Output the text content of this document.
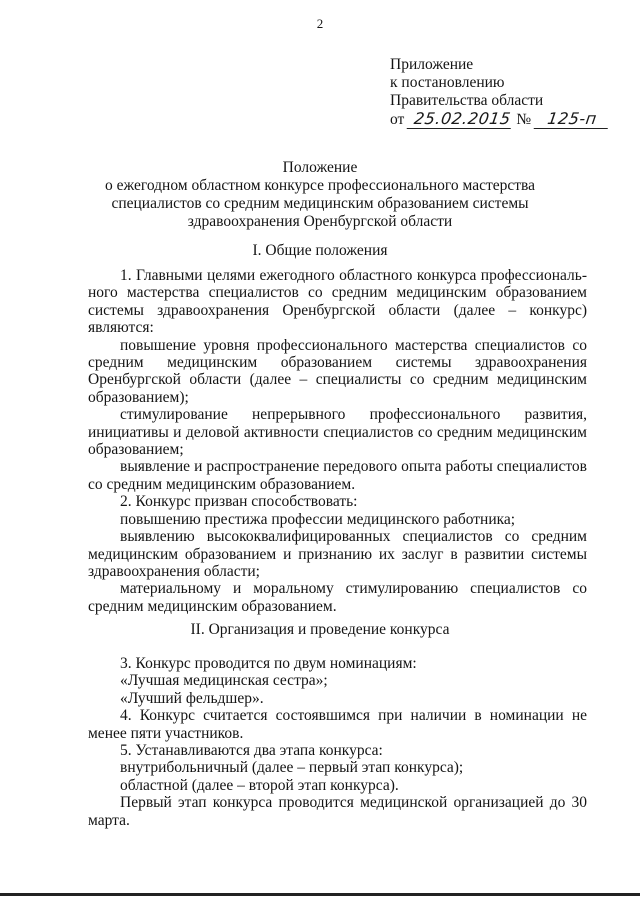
2
Приложение
к постановлению
Правительства области
от 25.02.2015 № 125-п
Положение
о ежегодном областном конкурсе профессионального мастерства
специалистов со средним медицинским образованием системы
здравоохранения Оренбургской области
I. Общие положения

1. Главными целями ежегодного областного конкурса профессиональ-ного мастерства специалистов со средним медицинским образованием системы здравоохранения Оренбургской области (далее – конкурс) являются:

повышение уровня профессионального мастерства специалистов со средним медицинским образованием системы здравоохранения Оренбургской области (далее – специалисты со средним медицинским образованием);

стимулирование непрерывного профессионального развития, инициативы и деловой активности специалистов со средним медицинским образованием;

выявление и распространение передового опыта работы специалистов со средним медицинским образованием.

2. Конкурс призван способствовать:

повышению престижа профессии медицинского работника;

выявлению высококвалифицированных специалистов со средним медицинским образованием и признанию их заслуг в развитии системы здравоохранения области;

материальному и моральному стимулированию специалистов со средним медицинским образованием.

II. Организация и проведение конкурса

3. Конкурс проводится по двум номинациям:

«Лучшая медицинская сестра»;

«Лучший фельдшер».

4. Конкурс считается состоявшимся при наличии в номинации не менее пяти участников.

5. Устанавливаются два этапа конкурса:

внутрибольничный (далее – первый этап конкурса);

областной (далее – второй этап конкурса).

Первый этап конкурса проводится медицинской организацией до 30 марта.
